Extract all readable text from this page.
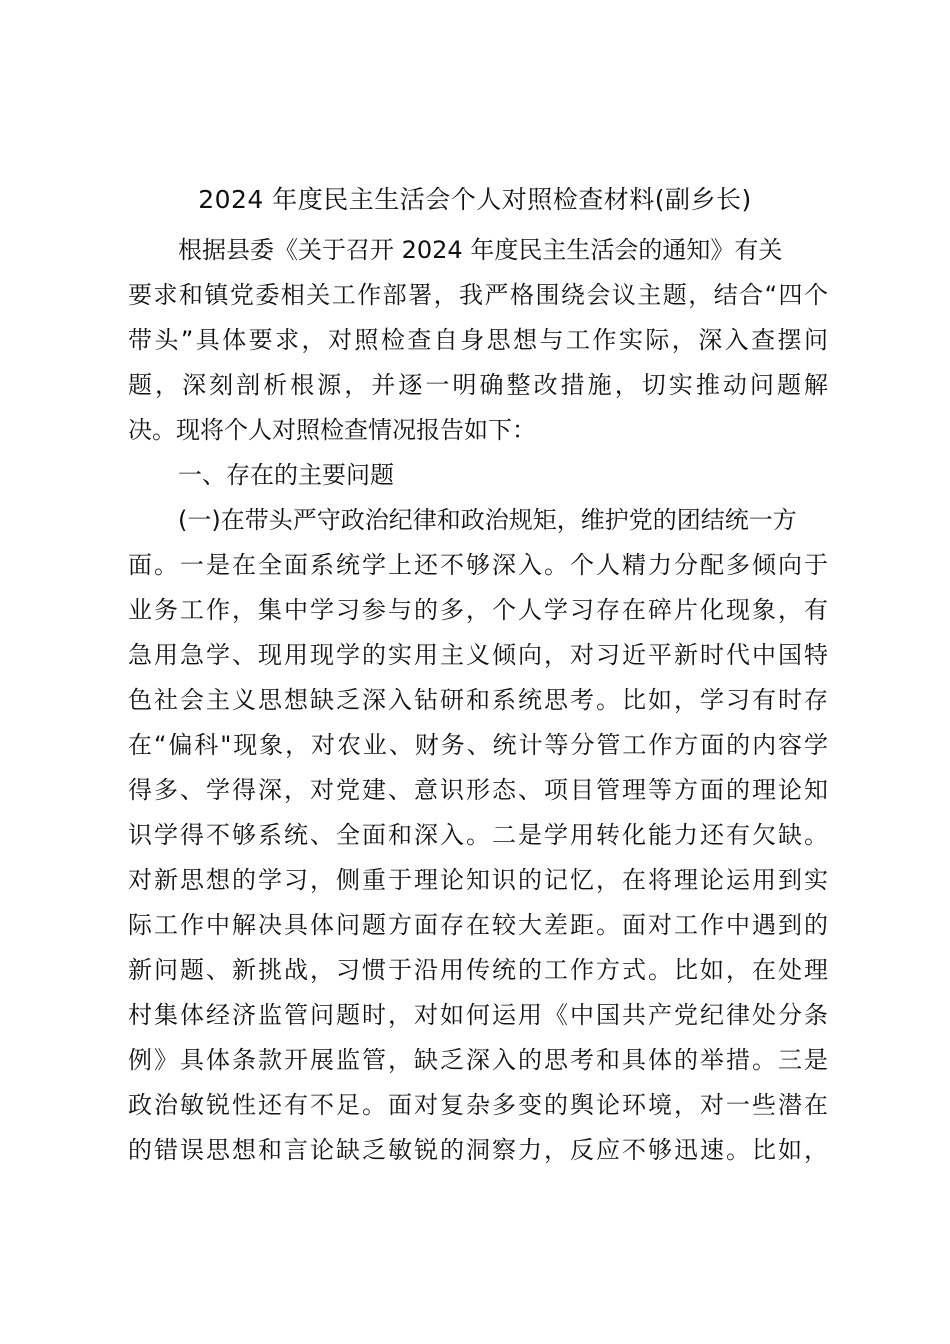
2024 年度民主生活会个人对照检查材料(副乡长)
根据县委《关于召开 2024 年度民主生活会的通知》有关
要求和镇党委相关工作部署，我严格围绕会议主题，结合“四个
带头”具体要求，对照检查自身思想与工作实际，深入查摆问
题，深刻剖析根源，并逐一明确整改措施，切实推动问题解
决。现将个人对照检查情况报告如下：
一、存在的主要问题
(一)在带头严守政治纪律和政治规矩，维护党的团结统一方
面。一是在全面系统学上还不够深入。个人精力分配多倾向于
业务工作，集中学习参与的多，个人学习存在碎片化现象，有
急用急学、现用现学的实用主义倾向，对习近平新时代中国特
色社会主义思想缺乏深入钻研和系统思考。比如，学习有时存
在“偏科"现象，对农业、财务、统计等分管工作方面的内容学
得多、学得深，对党建、意识形态、项目管理等方面的理论知
识学得不够系统、全面和深入。二是学用转化能力还有欠缺。
对新思想的学习，侧重于理论知识的记忆，在将理论运用到实
际工作中解决具体问题方面存在较大差距。面对工作中遇到的
新问题、新挑战，习惯于沿用传统的工作方式。比如，在处理
村集体经济监管问题时，对如何运用《中国共产党纪律处分条
例》具体条款开展监管，缺乏深入的思考和具体的举措。三是
政治敏锐性还有不足。面对复杂多变的舆论环境，对一些潜在
的错误思想和言论缺乏敏锐的洞察力，反应不够迅速。比如，
